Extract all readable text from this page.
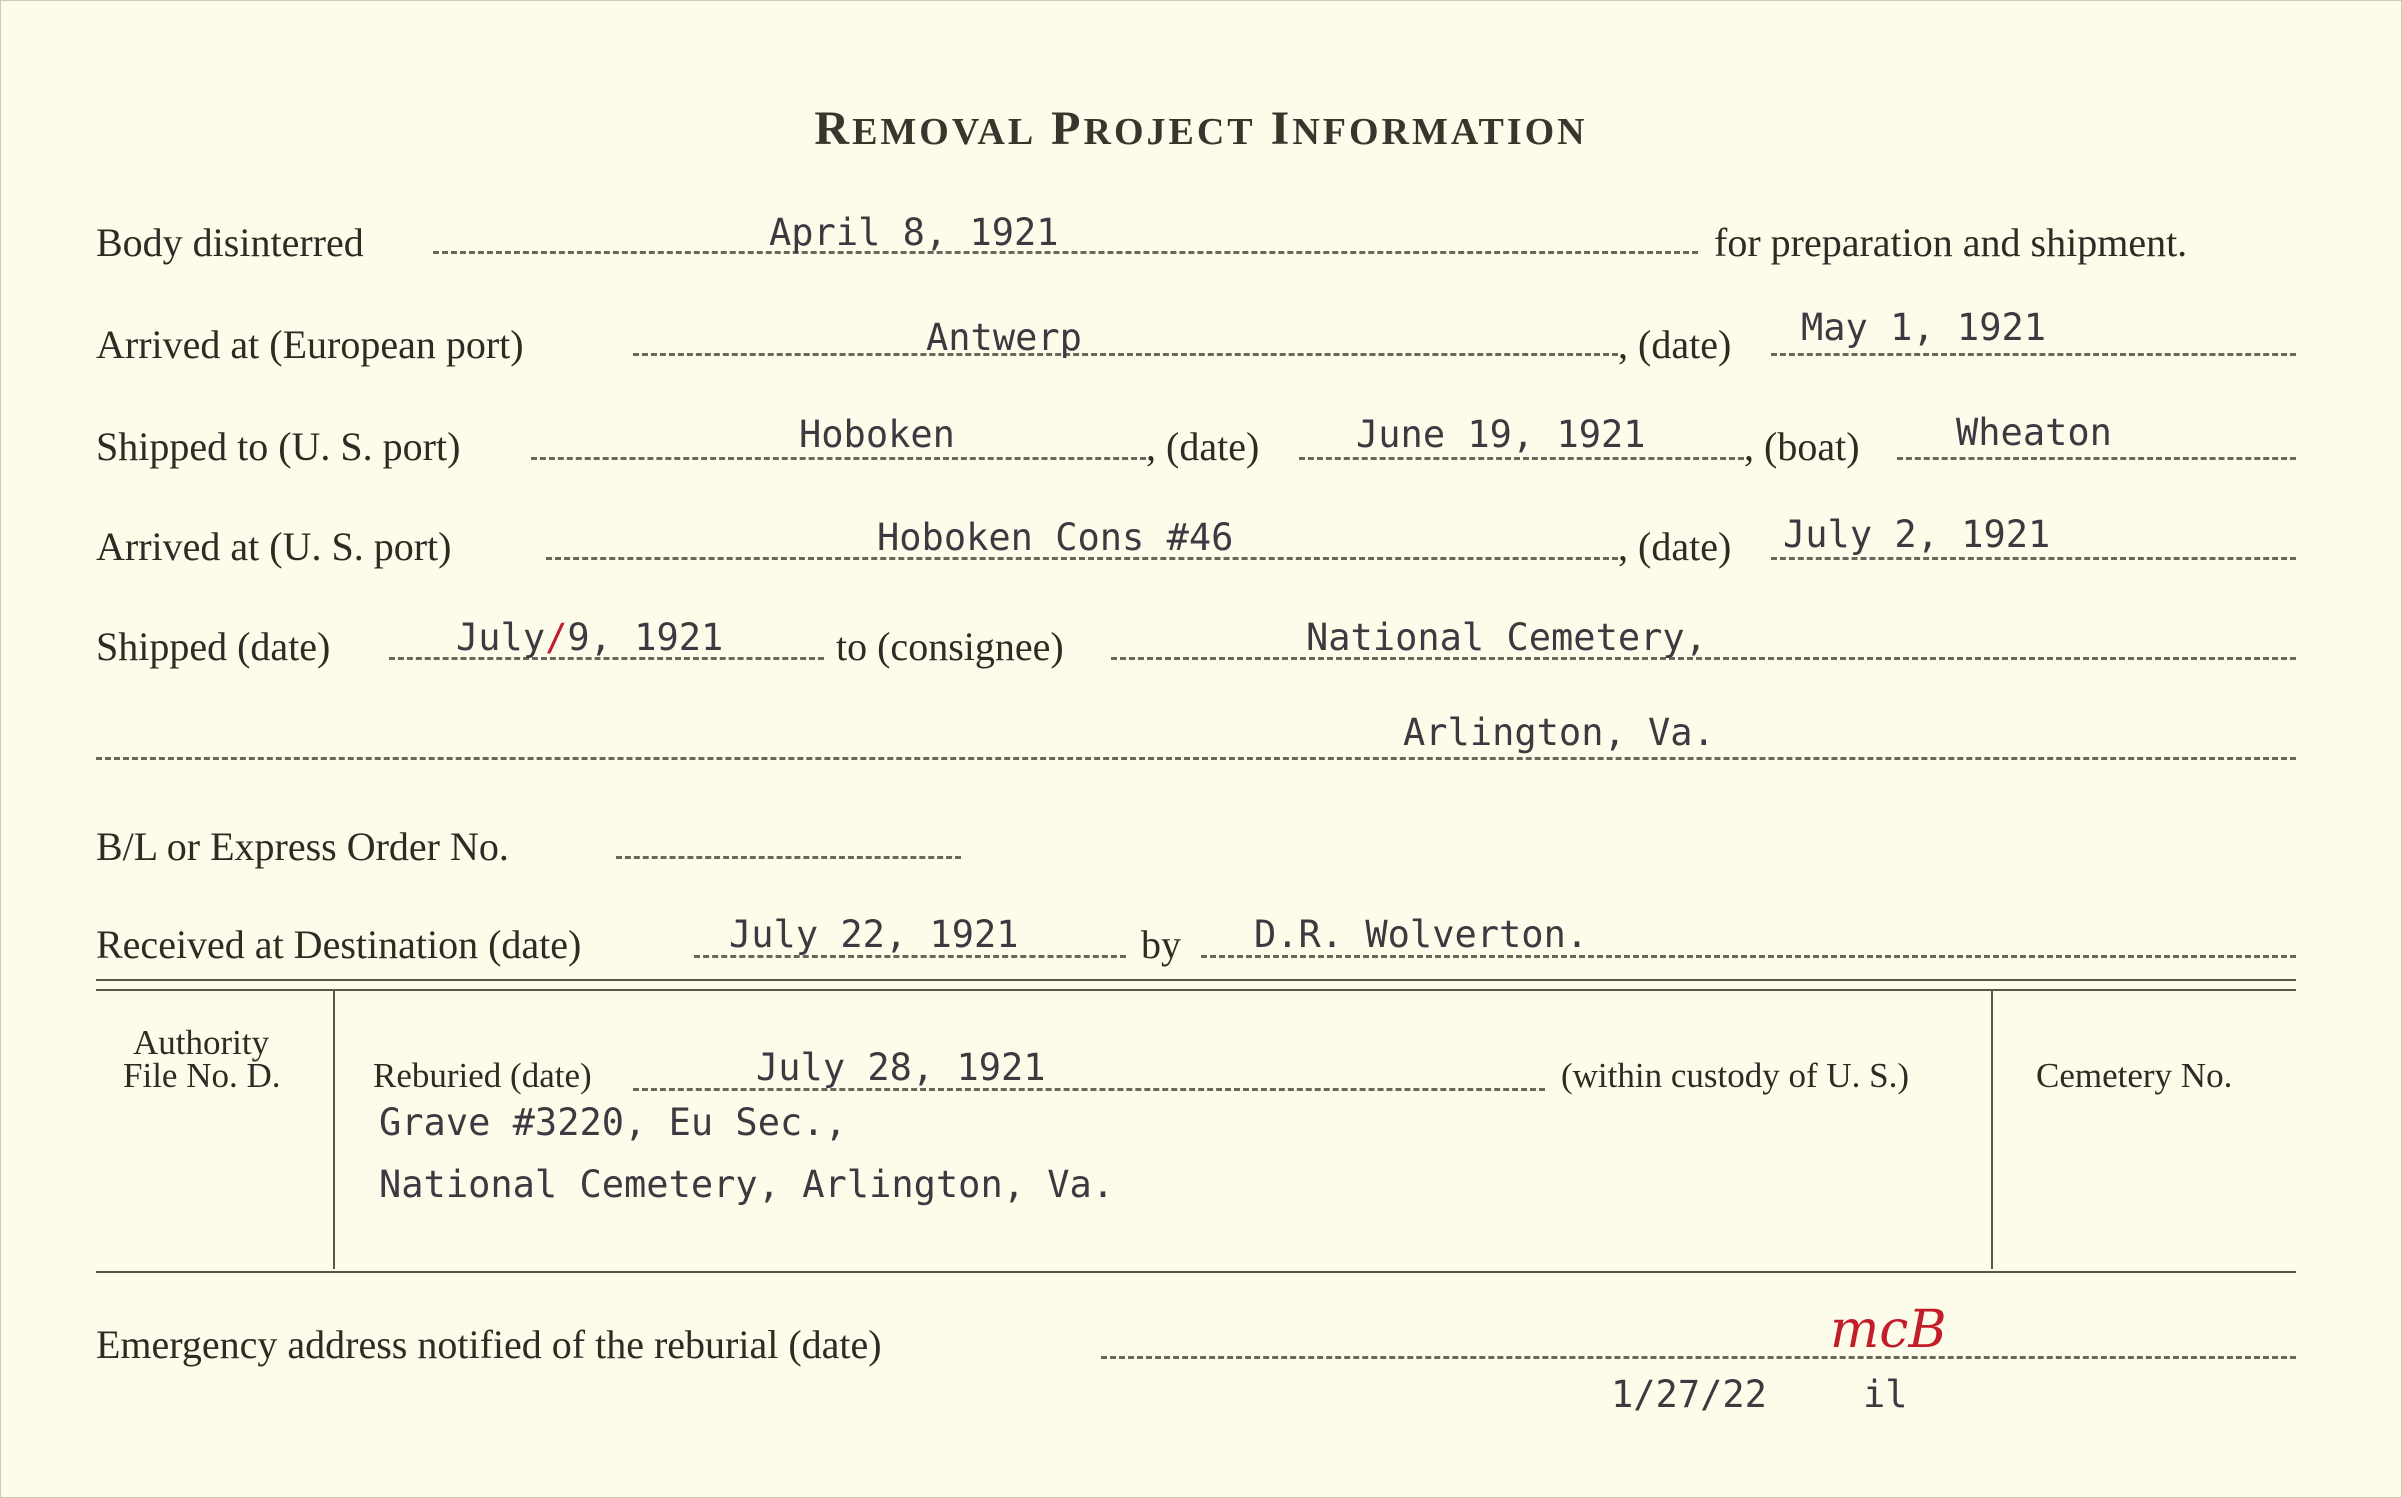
REMOVAL PROJECT INFORMATION
Body disinterred	April 8, 1921	for preparation and shipment.
Arrived at (European port)	Antwerp	, (date) May 1, 1921
Shipped to (U. S. port)	Hoboken	, (date)	June 19, 1921 , (boat)	Wheaton
Arrived at (U. S. port)	Hoboken Cons #46	, (date) July 2, 1921
Shipped (date)	July/9, 1921	to (consignee)	National Cemetery,
Arlington, Va.
B/L or Express Order No.
Received at Destination (date)	July 22, 1921	by D.R. Wolverton.
Authority
File No. D.	Reburied (date)	July 28, 1921	(within custody of U. S.)	Cemetery No.
Grave #3220, Eu Sec.,
National Cemetery, Arlington, Va.
Emergency address notified of the reburial (date)	mcB
1/27/22	il
